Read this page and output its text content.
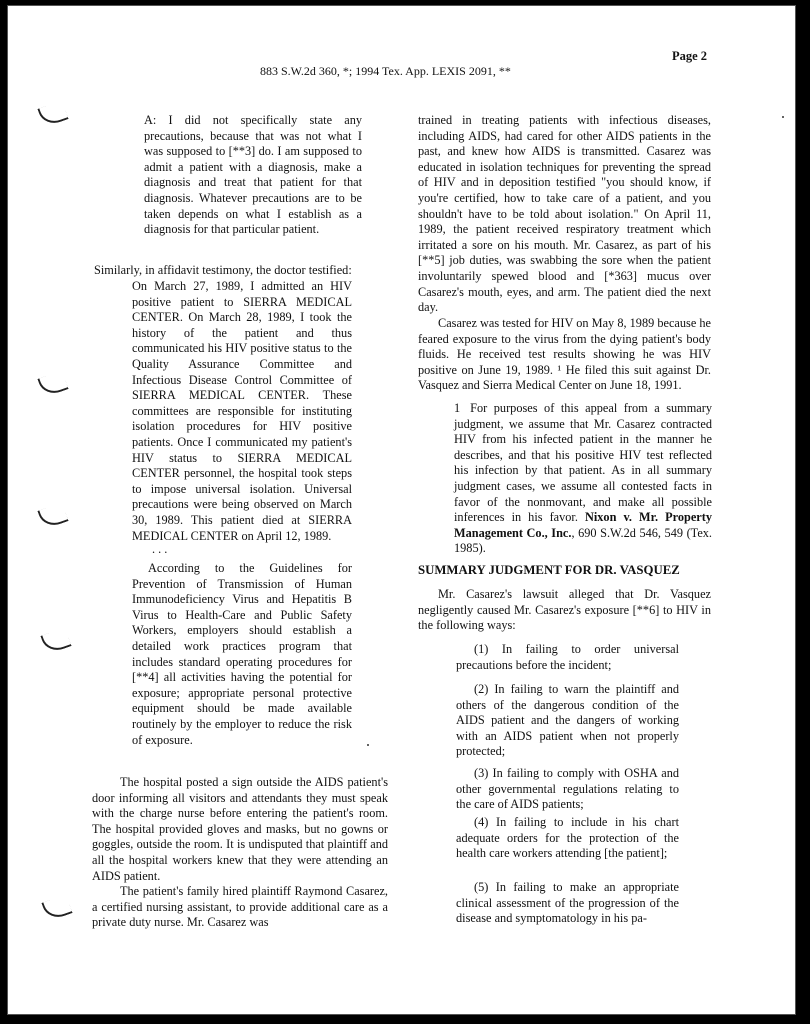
883 S.W.2d 360, *; 1994 Tex. App. LEXIS 2091, **
Page 2
A: I did not specifically state any precautions, because that was not what I was supposed to [**3] do. I am supposed to admit a patient with a diagnosis, make a diagnosis and treat that patient for that diagnosis. Whatever precautions are to be taken depends on what I establish as a diagnosis for that particular patient.
Similarly, in affidavit testimony, the doctor testified:
On March 27, 1989, I admitted an HIV positive patient to SIERRA MEDICAL CENTER. On March 28, 1989, I took the history of the patient and thus communicated his HIV positive status to the Quality Assurance Committee and Infectious Disease Control Committee of SIERRA MEDICAL CENTER. These committees are responsible for instituting isolation procedures for HIV positive patients. Once I communicated my patient's HIV status to SIERRA MEDICAL CENTER personnel, the hospital took steps to impose universal isolation. Universal precautions were being observed on March 30, 1989. This patient died at SIERRA MEDICAL CENTER on April 12, 1989.
. . .
According to the Guidelines for Prevention of Transmission of Human Immunodeficiency Virus and Hepatitis B Virus to Health-Care and Public Safety Workers, employers should establish a detailed work practices program that includes standard operating procedures for [**4] all activities having the potential for exposure; appropriate personal protective equipment should be made available routinely by the employer to reduce the risk of exposure.
The hospital posted a sign outside the AIDS patient's door informing all visitors and attendants they must speak with the charge nurse before entering the patient's room. The hospital provided gloves and masks, but no gowns or goggles, outside the room. It is undisputed that plaintiff and all the hospital workers knew that they were attending an AIDS patient.
The patient's family hired plaintiff Raymond Casarez, a certified nursing assistant, to provide additional care as a private duty nurse. Mr. Casarez was
trained in treating patients with infectious diseases, including AIDS, had cared for other AIDS patients in the past, and knew how AIDS is transmitted. Casarez was educated in isolation techniques for preventing the spread of HIV and in deposition testified "you should know, if you're certified, how to take care of a patient, and you shouldn't have to be told about isolation." On April 11, 1989, the patient received respiratory treatment which irritated a sore on his mouth. Mr. Casarez, as part of his [**5] job duties, was swabbing the sore when the patient involuntarily spewed blood and [*363] mucus over Casarez's mouth, eyes, and arm. The patient died the next day.
Casarez was tested for HIV on May 8, 1989 because he feared exposure to the virus from the dying patient's body fluids. He received test results showing he was HIV positive on June 19, 1989. ¹ He filed this suit against Dr. Vasquez and Sierra Medical Center on June 18, 1991.
1 For purposes of this appeal from a summary judgment, we assume that Mr. Casarez contracted HIV from his infected patient in the manner he describes, and that his positive HIV test reflected his infection by that patient. As in all summary judgment cases, we assume all contested facts in favor of the nonmovant, and make all possible inferences in his favor. Nixon v. Mr. Property Management Co., Inc., 690 S.W.2d 546, 549 (Tex. 1985).
SUMMARY JUDGMENT FOR DR. VASQUEZ
Mr. Casarez's lawsuit alleged that Dr. Vasquez negligently caused Mr. Casarez's exposure [**6] to HIV in the following ways:
(1) In failing to order universal precautions before the incident;
(2) In failing to warn the plaintiff and others of the dangerous condition of the AIDS patient and the dangers of working with an AIDS patient when not properly protected;
(3) In failing to comply with OSHA and other governmental regulations relating to the care of AIDS patients;
(4) In failing to include in his chart adequate orders for the protection of the health care workers attending [the patient];
(5) In failing to make an appropriate clinical assessment of the progression of the disease and symptomatology in his pa-
